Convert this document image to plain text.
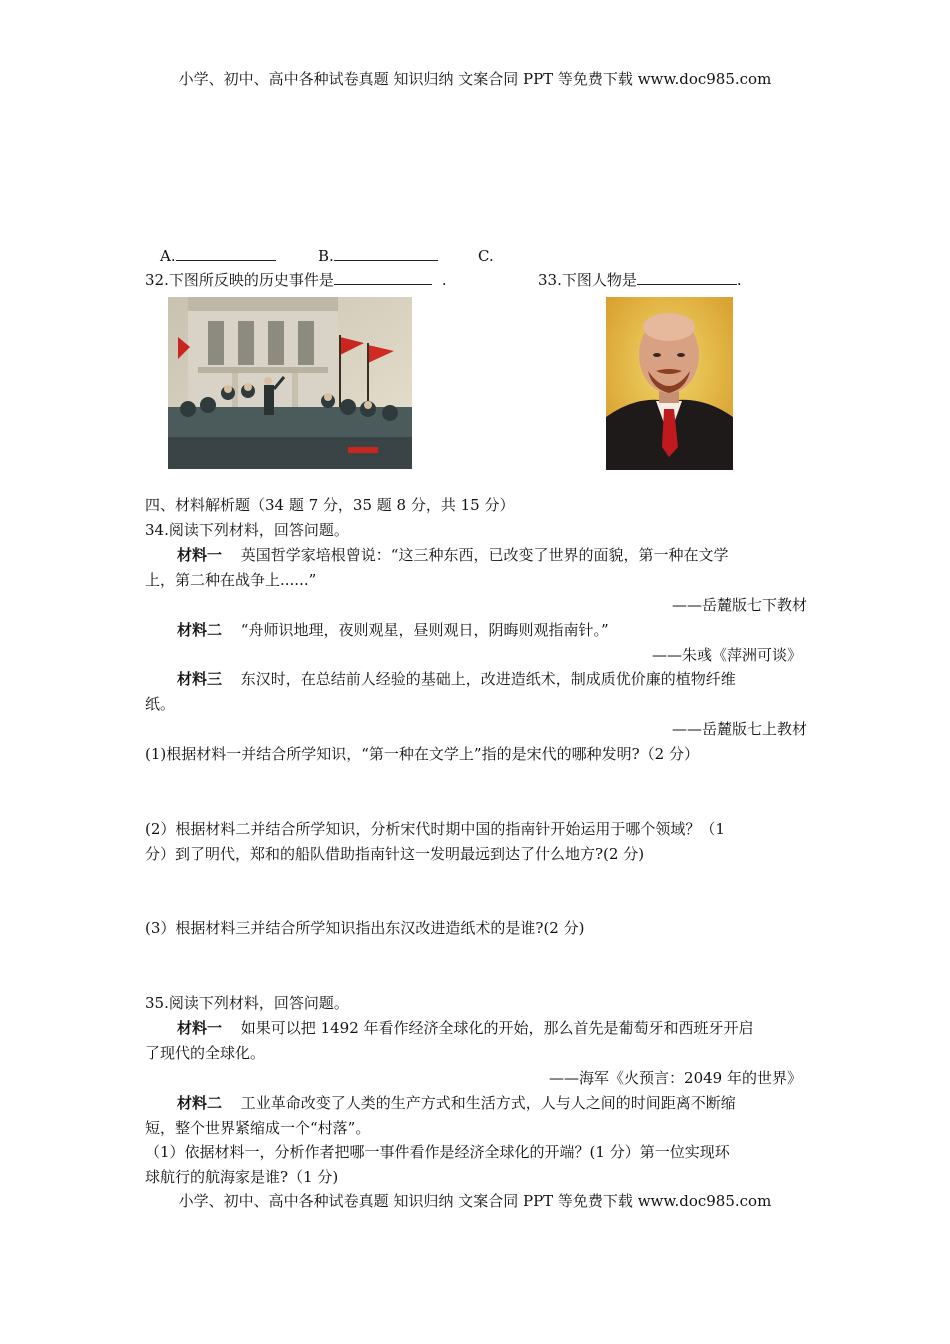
小学、初中、高中各种试卷真题 知识归纳 文案合同 PPT 等免费下载 www.doc985.com
A.	B.	C.
32.下图所反映的历史事件是	.	33.下图人物是	.
四、材料解析题（34 题 7 分，35 题 8 分，共 15 分）
34.阅读下列材料，回答问题。
材料一 英国哲学家培根曾说：“这三种东西，已改变了世界的面貌，第一种在文学
上，第二种在战争上......”
——岳麓版七下教材
材料二 “舟师识地理，夜则观星，昼则观日，阴晦则观指南针。”
——朱彧《萍洲可谈》
材料三 东汉时，在总结前人经验的基础上，改进造纸术，制成质优价廉的植物纤维
纸。
——岳麓版七上教材
(1)根据材料一并结合所学知识，“第一种在文学上”指的是宋代的哪种发明?（2 分）
(2）根据材料二并结合所学知识，分析宋代时期中国的指南针开始运用于哪个领域？（1
分）到了明代，郑和的船队借助指南针这一发明最远到达了什么地方?(2 分)
(3）根据材料三并结合所学知识指出东汉改进造纸术的是谁?(2 分)
35.阅读下列材料，回答问题。
材料一 如果可以把 1492 年看作经济全球化的开始，那么首先是葡萄牙和西班牙开启
了现代的全球化。
——海军《火预言：2049 年的世界》
材料二 工业革命改变了人类的生产方式和生活方式，人与人之间的时间距离不断缩
短，整个世界紧缩成一个“村落”。
（1）依据材料一，分析作者把哪一事件看作是经济全球化的开端？(1 分）第一位实现环
球航行的航海家是谁?（1 分)
小学、初中、高中各种试卷真题 知识归纳 文案合同 PPT 等免费下载 www.doc985.com
